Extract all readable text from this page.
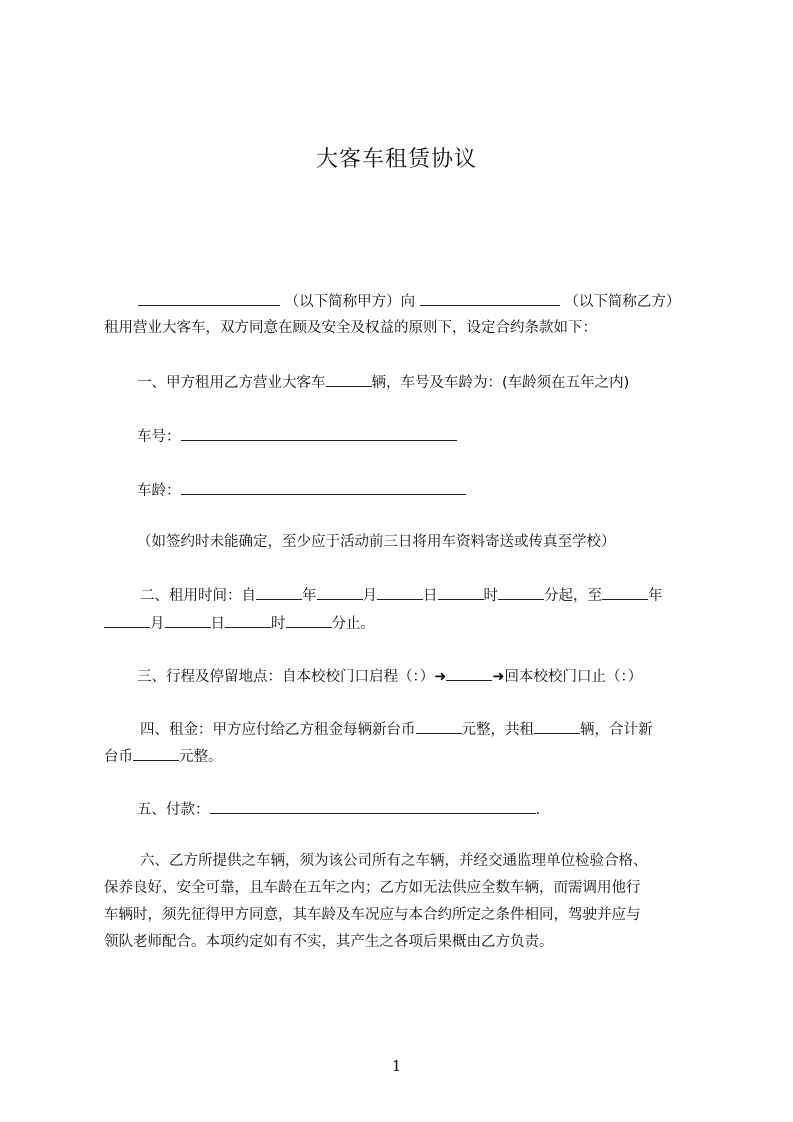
大客车租赁协议
（以下简称甲方）向	（以下简称乙方）
租用营业大客车，双方同意在顾及安全及权益的原则下，设定合约条款如下：
一、甲方租用乙方营业大客车	辆，车号及车龄为：(车龄须在五年之内)
车号：
车龄：
（如签约时未能确定，至少应于活动前三日将用车资料寄送或传真至学校）
二、租用时间：自	年	月	日	时	分起，至	年
月	日	时	分止。
三、行程及停留地点：自本校校门口启程（：）➜	➜回本校校门口止（：）
四、租金：甲方应付给乙方租金每辆新台币	元整，共租	辆，合计新
台币	元整。
五、付款：	.
六、乙方所提供之车辆，须为该公司所有之车辆，并经交通监理单位检验合格、
保养良好、安全可靠，且车龄在五年之内；乙方如无法供应全数车辆，而需调用他行
车辆时，须先征得甲方同意，其车龄及车况应与本合约所定之条件相同，驾驶并应与
领队老师配合。本项约定如有不实，其产生之各项后果概由乙方负责。
1
